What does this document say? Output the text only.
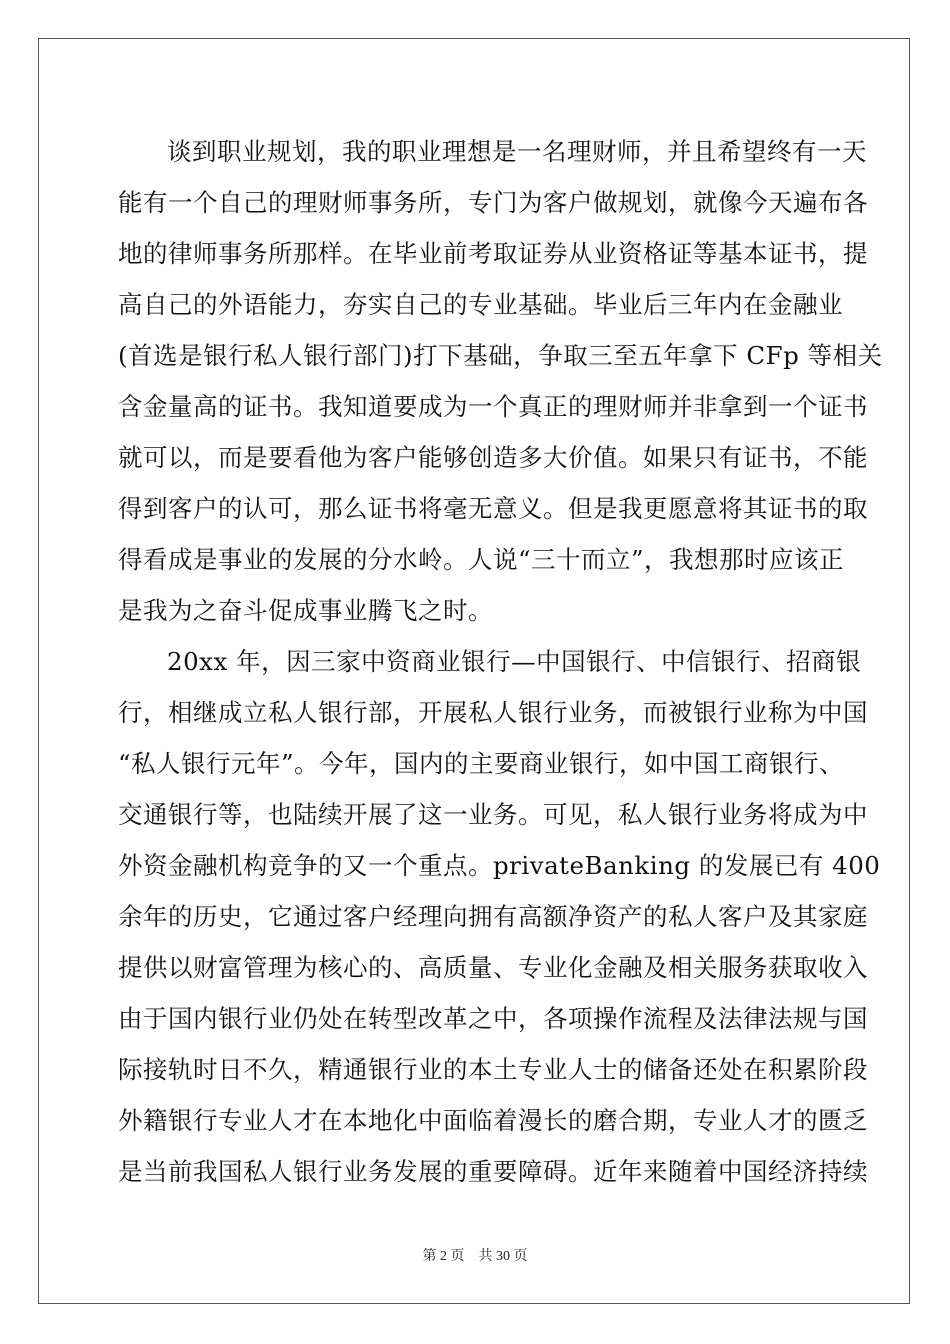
谈到职业规划，我的职业理想是一名理财师，并且希望终有一天
能有一个自己的理财师事务所，专门为客户做规划，就像今天遍布各
地的律师事务所那样。在毕业前考取证券从业资格证等基本证书，提
高自己的外语能力，夯实自己的专业基础。毕业后三年内在金融业
(首选是银行私人银行部门)打下基础，争取三至五年拿下 CFp 等相关
含金量高的证书。我知道要成为一个真正的理财师并非拿到一个证书
就可以，而是要看他为客户能够创造多大价值。如果只有证书，不能
得到客户的认可，那么证书将毫无意义。但是我更愿意将其证书的取
得看成是事业的发展的分水岭。人说“三十而立”，我想那时应该正
是我为之奋斗促成事业腾飞之时。
20xx 年，因三家中资商业银行—中国银行、中信银行、招商银
行，相继成立私人银行部，开展私人银行业务，而被银行业称为中国
“私人银行元年”。今年，国内的主要商业银行，如中国工商银行、
交通银行等，也陆续开展了这一业务。可见，私人银行业务将成为中
外资金融机构竞争的又一个重点。privateBanking 的发展已有 400
余年的历史，它通过客户经理向拥有高额净资产的私人客户及其家庭
提供以财富管理为核心的、高质量、专业化金融及相关服务获取收入
由于国内银行业仍处在转型改革之中，各项操作流程及法律法规与国
际接轨时日不久，精通银行业的本土专业人士的储备还处在积累阶段
外籍银行专业人才在本地化中面临着漫长的磨合期，专业人才的匮乏
是当前我国私人银行业务发展的重要障碍。近年来随着中国经济持续
第 2 页 共 30 页
